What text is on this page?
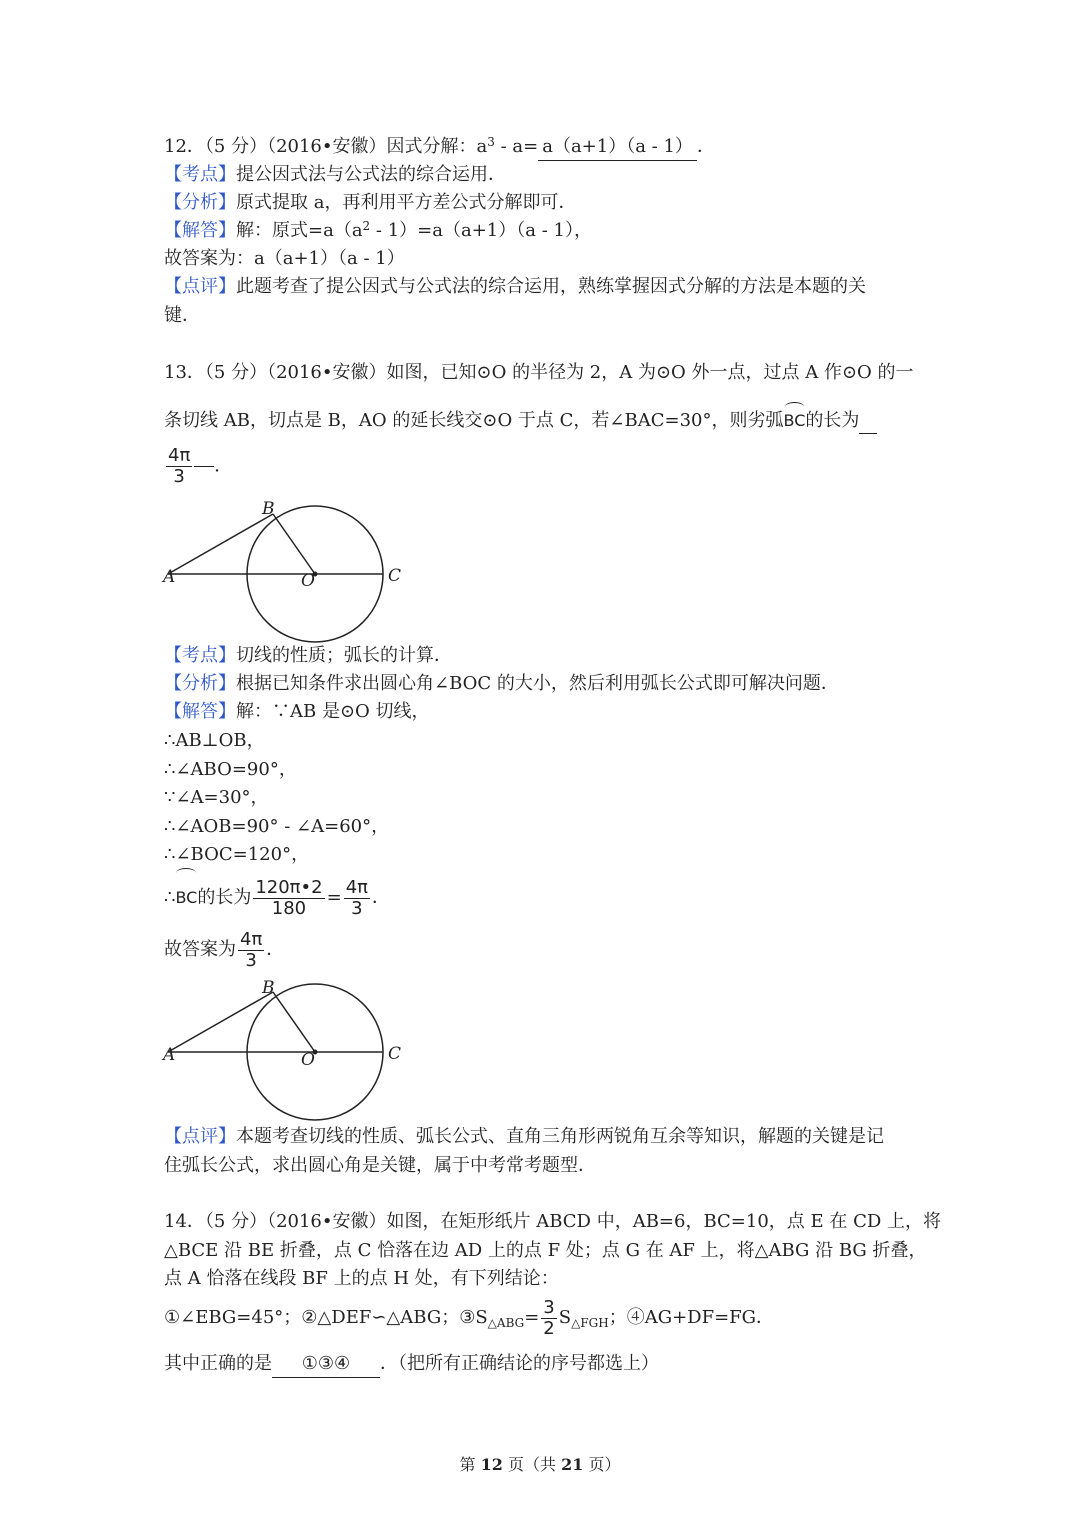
12．（5 分）（2016•安徽）因式分解：$a^3 - a= a(a+1)(a - 1)$ ．
【考点】提公因式法与公式法的综合运用．
【分析】原式提取 a，再利用平方差公式分解即可．
【解答】解：原式$=a(a^2 - 1)=a(a+1)(a - 1)$，
故答案为：a（a+1）（a - 1）
【点评】此题考查了提公因式与公式法的综合运用，熟练掌握因式分解的方法是本题的关
键．
13．（5 分）（2016•安徽）如图，已知⊙O 的半径为 2，A 为⊙O 外一点，过点 A 作⊙O 的一
条切线 AB，切点是 B，AO 的延长线交⊙O 于点 C，若∠BAC=30°，则劣弧BC的长为
$\frac{4\pi}{3}$ ．
A
B
O	C
【考点】切线的性质；弧长的计算．
【分析】根据已知条件求出圆心角∠BOC 的大小，然后利用弧长公式即可解决问题．
【解答】解：∵AB 是⊙O 切线，
∴AB⊥OB，
∴∠ABO=90°，
∵∠A=30°，
∴∠AOB=90° - ∠A=60°，
∴∠BOC=120°，
∴BC的长为 $\frac{120\pi•2}{180} = \frac{4\pi}{3}$ ．
故答案为 $\frac{4\pi}{3}$ ．
A
B
O	C
【点评】本题考查切线的性质、弧长公式、直角三角形两锐角互余等知识，解题的关键是记
住弧长公式，求出圆心角是关键，属于中考常考题型．
14．（5 分）（2016•安徽）如图，在矩形纸片 ABCD 中，AB=6，BC=10，点 E 在 CD 上，将
△BCE 沿 BE 折叠，点 C 恰落在边 AD 上的点 F 处；点 G 在 AF 上，将△ABG 沿 BG 折叠，
点 A 恰落在线段 BF 上的点 H 处，有下列结论：
①∠EBG=45°；②△DEF∽△ABG；$③S_{\triangle ABG}= \frac{3}{2} S_{\triangle FGH}$；④AG+DF=FG．
其中正确的是 ①③④ ．（把所有正确结论的序号都选上）
第 12 页（共 21 页）
